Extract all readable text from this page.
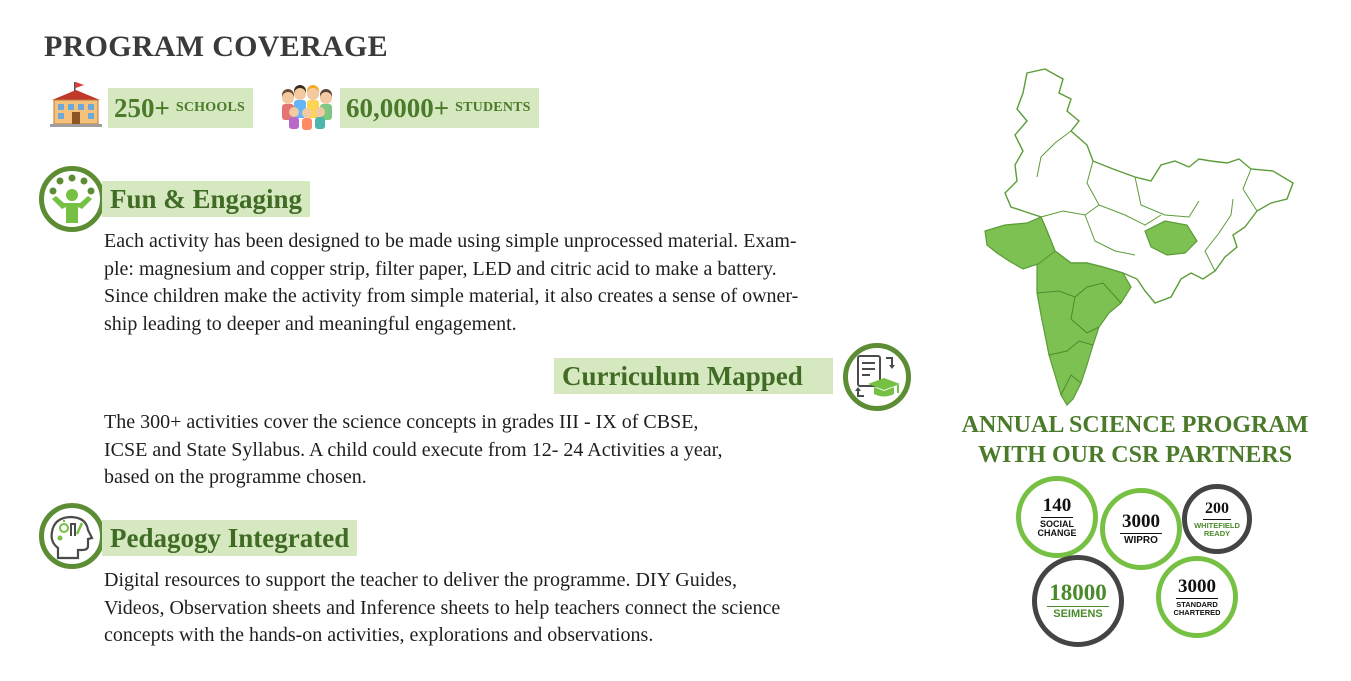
PROGRAM COVERAGE
250+ SCHOOLS	60,0000+ STUDENTS
Fun & Engaging
Each activity has been designed to be made using simple unprocessed material. Exam-
ple: magnesium and copper strip, filter paper, LED and citric acid to make a battery.
Since children make the activity from simple material, it also creates a sense of owner-
ship leading to deeper and meaningful engagement.
Curriculum Mapped
The 300+ activities cover the science concepts in grades III - IX of CBSE,
ICSE and State Syllabus. A child could execute from 12- 24 Activities a year,
based on the programme chosen.
Pedagogy Integrated
Digital resources to support the teacher to deliver the programme. DIY Guides,
Videos, Observation sheets and Inference sheets to help teachers connect the science
concepts with the hands-on activities, explorations and observations.
ANNUAL SCIENCE PROGRAM
WITH OUR CSR PARTNERS
140
SOCIAL CHANGE
3000
WIPRO
200
WHITEFIELD READY
18000
SEIMENS
3000
STANDARD CHARTERED
